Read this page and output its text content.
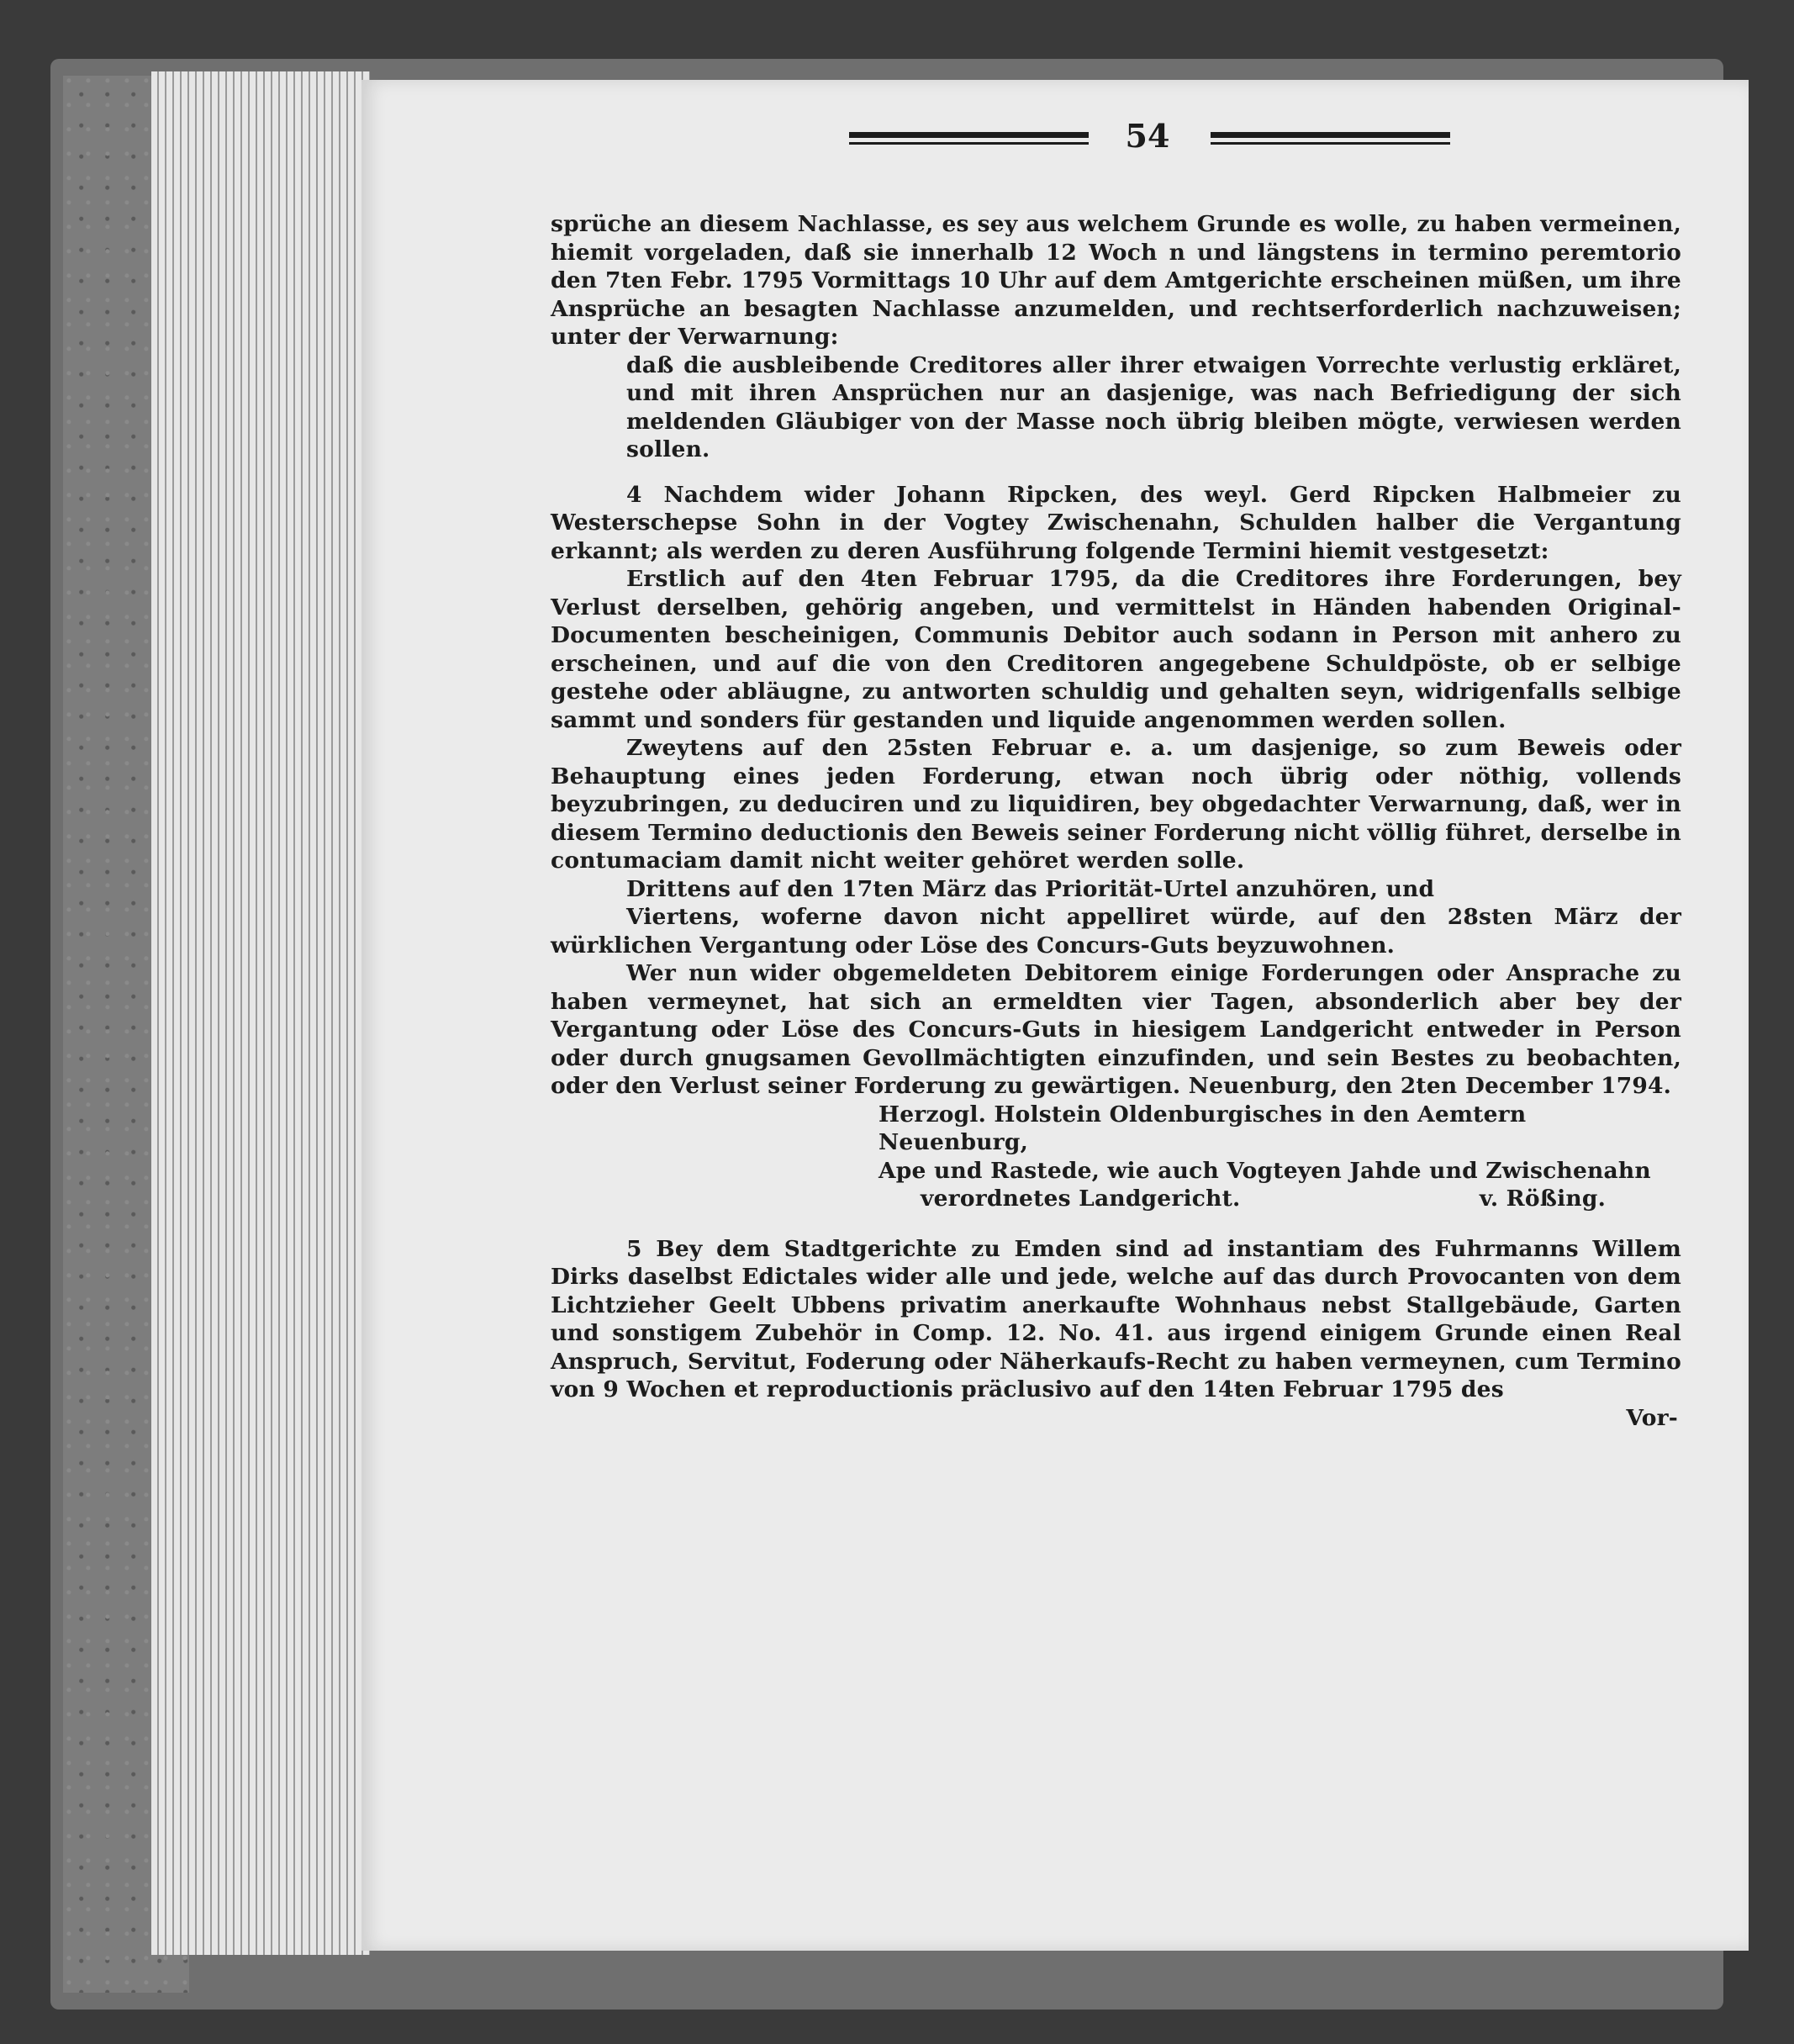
54

sprüche an diesem Nachlasse, es sey aus welchem Grunde es wolle, zu haben vermeinen, hiemit vorgeladen, daß sie innerhalb 12 Woch n und längstens in termino peremtorio den 7ten Febr. 1795 Vormittags 10 Uhr auf dem Amtgerichte erscheinen müßen, um ihre Ansprüche an besagten Nachlasse anzumelden, und rechtserforderlich nachzuweisen; unter der Verwarnung:

daß die ausbleibende Creditores aller ihrer etwaigen Vorrechte verlustig erkläret, und mit ihren Ansprüchen nur an dasjenige, was nach Befriedigung der sich meldenden Gläubiger von der Masse noch übrig bleiben mögte, verwiesen werden sollen.

4 Nachdem wider Johann Ripcken, des weyl. Gerd Ripcken Halbmeier zu Westerschepse Sohn in der Vogtey Zwischenahn, Schulden halber die Vergantung erkannt; als werden zu deren Ausführung folgende Termini hiemit vestgesetzt:

Erstlich auf den 4ten Februar 1795, da die Creditores ihre Forderungen, bey Verlust derselben, gehörig angeben, und vermittelst in Händen habenden Original-Documenten bescheinigen, Communis Debitor auch sodann in Person mit anhero zu erscheinen, und auf die von den Creditoren angegebene Schuldpöste, ob er selbige gestehe oder abläugne, zu antworten schuldig und gehalten seyn, widrigenfalls selbige sammt und sonders für gestanden und liquide angenommen werden sollen.

Zweytens auf den 25sten Februar e. a. um dasjenige, so zum Beweis oder Behauptung eines jeden Forderung, etwan noch übrig oder nöthig, vollends beyzubringen, zu deduciren und zu liquidiren, bey obgedachter Verwarnung, daß, wer in diesem Termino deductionis den Beweis seiner Forderung nicht völlig führet, derselbe in contumaciam damit nicht weiter gehöret werden solle.

Drittens auf den 17ten März das Priorität-Urtel anzuhören, und

Viertens, woferne davon nicht appelliret würde, auf den 28sten März der würklichen Vergantung oder Löse des Concurs-Guts beyzuwohnen.

Wer nun wider obgemeldeten Debitorem einige Forderungen oder Ansprache zu haben vermeynet, hat sich an ermeldten vier Tagen, absonderlich aber bey der Vergantung oder Löse des Concurs-Guts in hiesigem Landgericht entweder in Person oder durch gnugsamen Gevollmächtigten einzufinden, und sein Bestes zu beobachten, oder den Verlust seiner Forderung zu gewärtigen. Neuenburg, den 2ten December 1794.

Herzogl. Holstein Oldenburgisches in den Aemtern Neuenburg,

Ape und Rastede, wie auch Vogteyen Jahde und Zwischenahn

verordnetes Landgericht.	v. Rößing.

5 Bey dem Stadtgerichte zu Emden sind ad instantiam des Fuhrmanns Willem Dirks daselbst Edictales wider alle und jede, welche auf das durch Provocanten von dem Lichtzieher Geelt Ubbens privatim anerkaufte Wohnhaus nebst Stallgebäude, Garten und sonstigem Zubehör in Comp. 12. No. 41. aus irgend einigem Grunde einen Real Anspruch, Servitut, Foderung oder Näherkaufs-Recht zu haben vermeynen, cum Termino von 9 Wochen et reproductionis präclusivo auf den 14ten Februar 1795 des

Vor-
